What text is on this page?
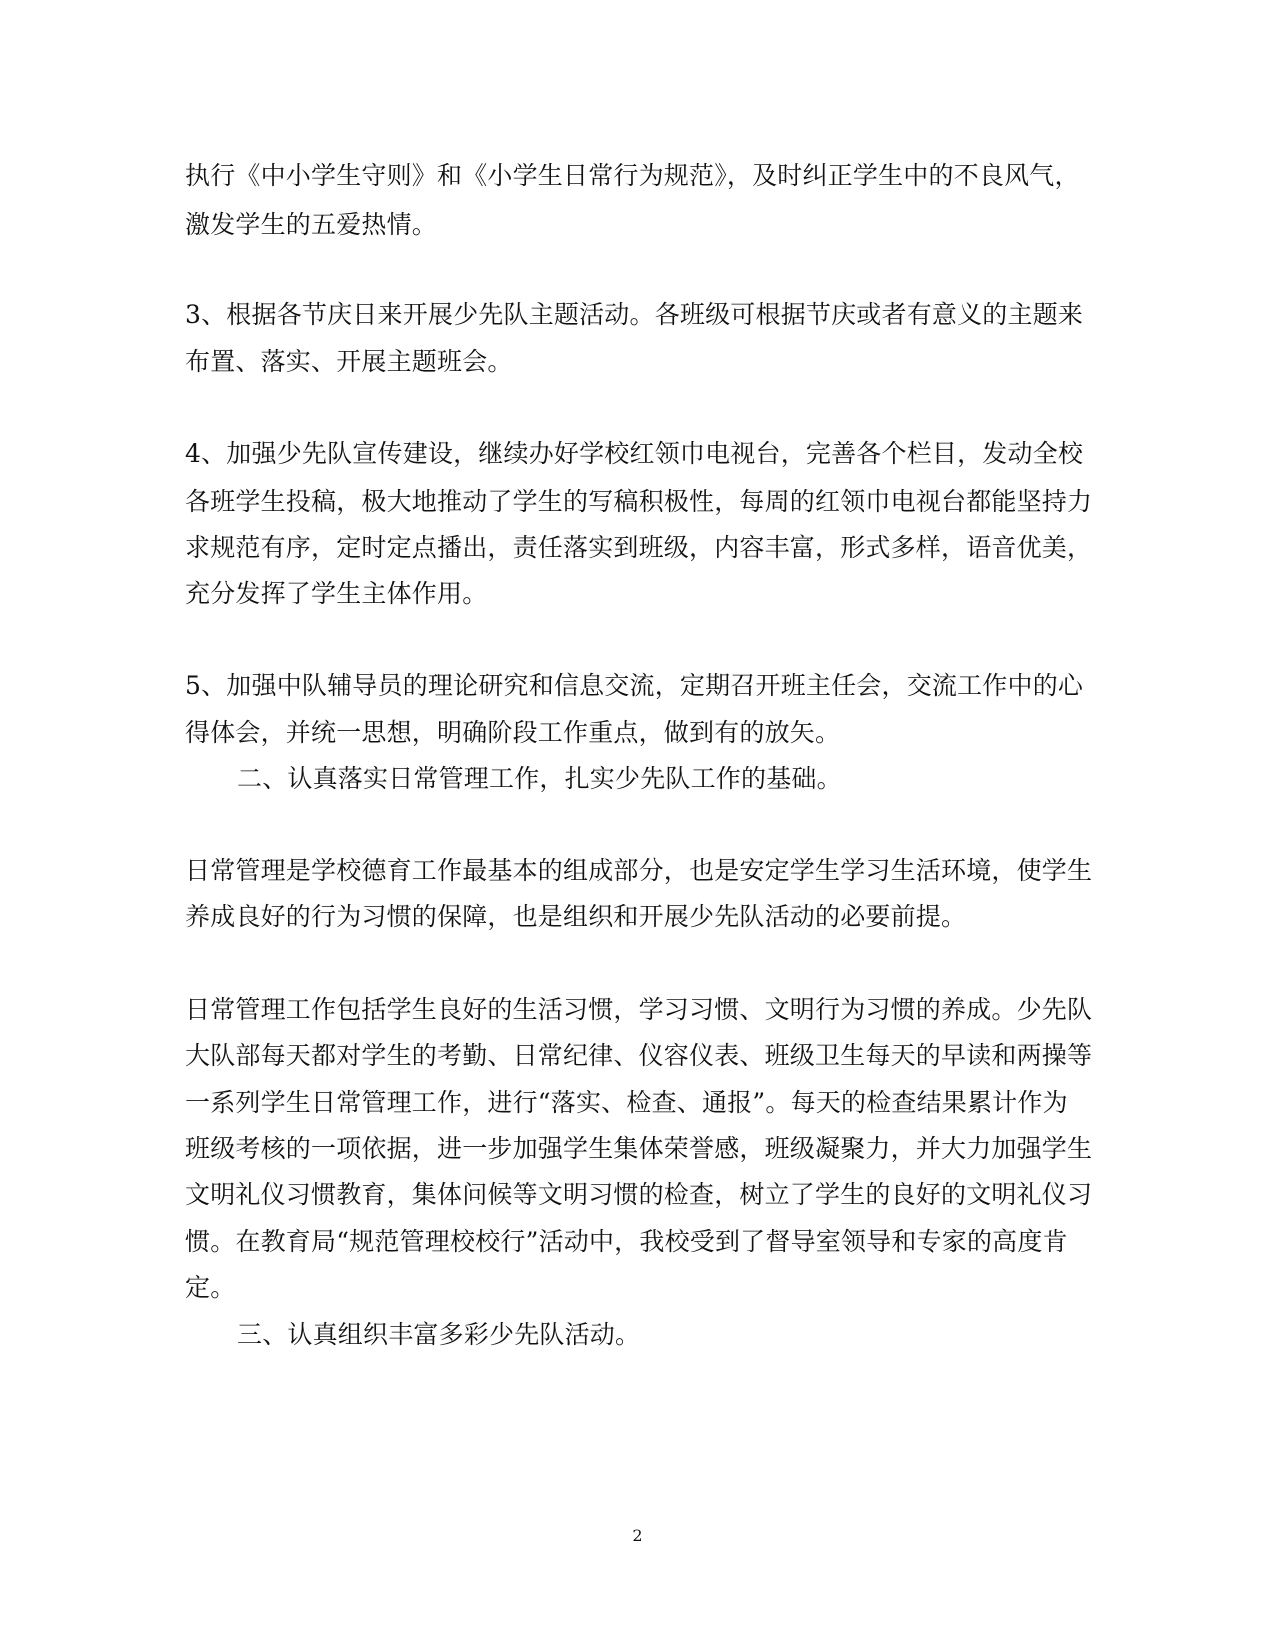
执行《中小学生守则》和《小学生日常行为规范》，及时纠正学生中的不良风气，
激发学生的五爱热情。
3、根据各节庆日来开展少先队主题活动。各班级可根据节庆或者有意义的主题来
布置、落实、开展主题班会。
4、加强少先队宣传建设，继续办好学校红领巾电视台，完善各个栏目，发动全校
各班学生投稿，极大地推动了学生的写稿积极性，每周的红领巾电视台都能坚持力
求规范有序，定时定点播出，责任落实到班级，内容丰富，形式多样，语音优美，
充分发挥了学生主体作用。
5、加强中队辅导员的理论研究和信息交流，定期召开班主任会，交流工作中的心
得体会，并统一思想，明确阶段工作重点，做到有的放矢。
二、认真落实日常管理工作，扎实少先队工作的基础。
日常管理是学校德育工作最基本的组成部分，也是安定学生学习生活环境，使学生
养成良好的行为习惯的保障，也是组织和开展少先队活动的必要前提。
日常管理工作包括学生良好的生活习惯，学习习惯、文明行为习惯的养成。少先队
大队部每天都对学生的考勤、日常纪律、仪容仪表、班级卫生每天的早读和两操等
一系列学生日常管理工作，进行“落实、检查、通报”。每天的检查结果累计作为
班级考核的一项依据，进一步加强学生集体荣誉感，班级凝聚力，并大力加强学生
文明礼仪习惯教育，集体问候等文明习惯的检查，树立了学生的良好的文明礼仪习
惯。在教育局“规范管理校校行”活动中，我校受到了督导室领导和专家的高度肯
定。
三、认真组织丰富多彩少先队活动。
2
